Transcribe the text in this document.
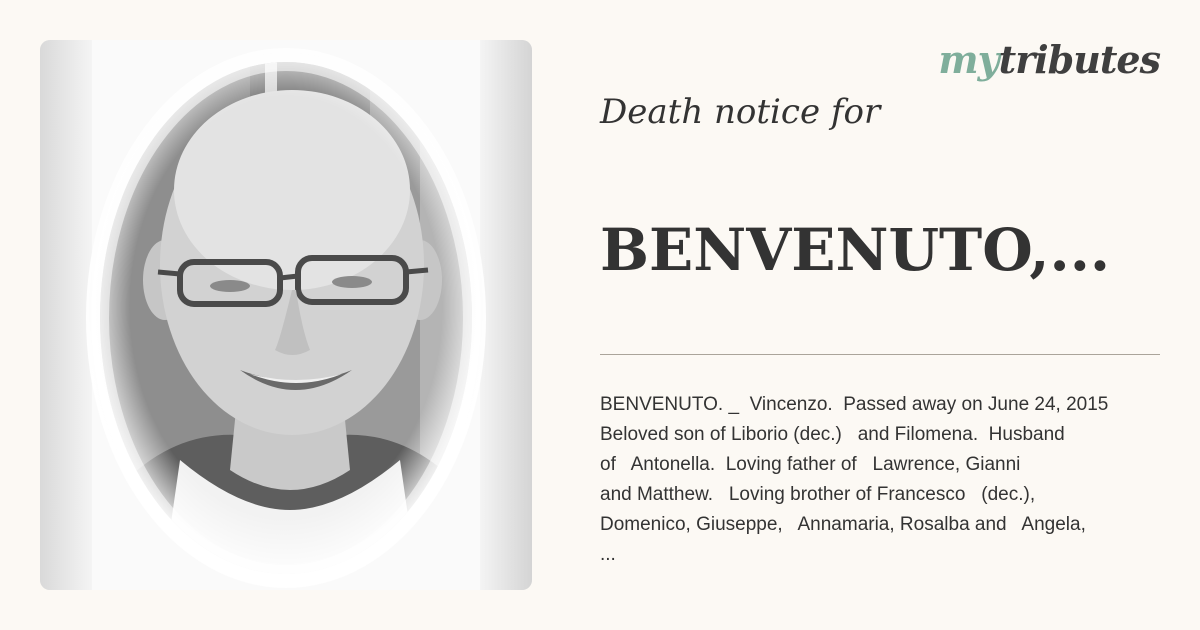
mytributes
Death notice for
BENVENUTO,...
BENVENUTO. _  Vincenzo.  Passed away on June 24, 2015
Beloved son of Liborio (dec.)   and Filomena.  Husband
of   Antonella.  Loving father of   Lawrence, Gianni
and Matthew.   Loving brother of Francesco   (dec.),
Domenico, Giuseppe,   Annamaria, Rosalba and   Angela,
...
